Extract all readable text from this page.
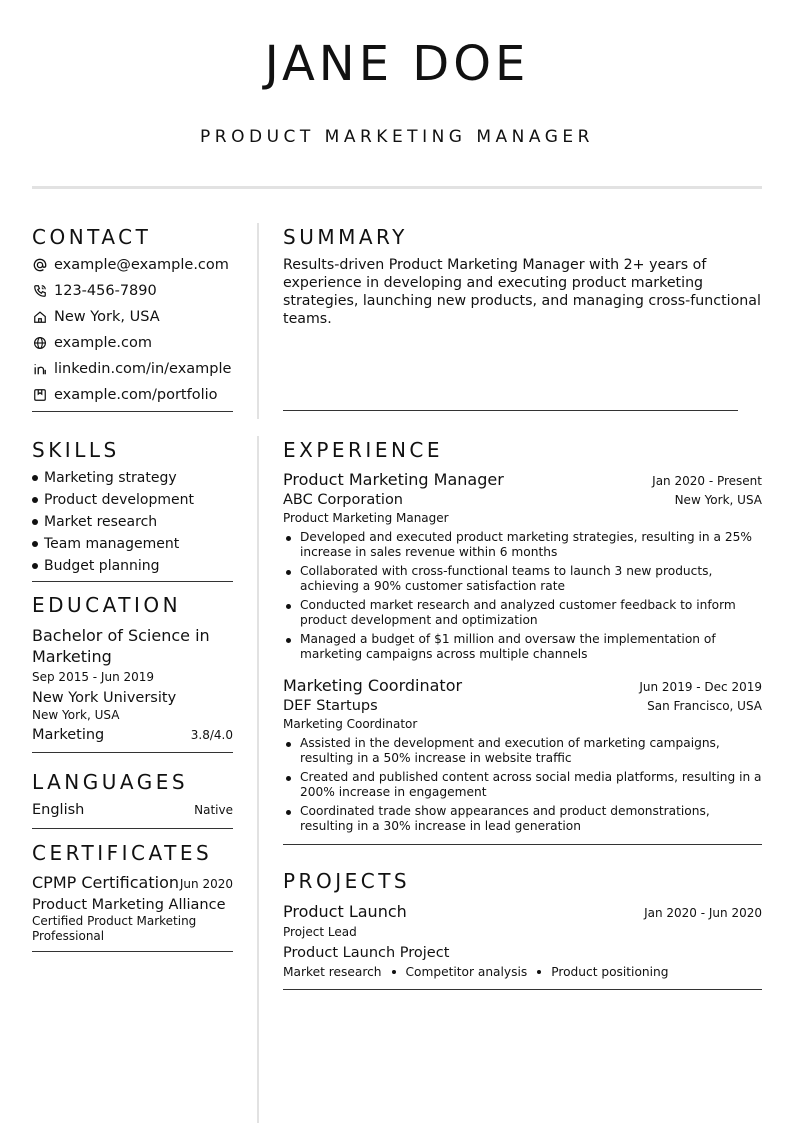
JANE DOE
PRODUCT MARKETING MANAGER
CONTACT
example@example.com
123-456-7890
New York, USA
example.com
linkedin.com/in/example
example.com/portfolio
SKILLS
Marketing strategy
Product development
Market research
Team management
Budget planning
EDUCATION
Bachelor of Science in Marketing
Sep 2015 - Jun 2019
New York University
New York, USA
Marketing	3.8/4.0
LANGUAGES
English	Native
CERTIFICATES
CPMP Certification Jun 2020
Product Marketing Alliance
Certified Product Marketing Professional
SUMMARY

Results-driven Product Marketing Manager with 2+ years of experience in developing and executing product marketing strategies, launching new products, and managing cross-functional teams.

EXPERIENCE
Product Marketing Manager	Jan 2020 - Present
ABC Corporation	New York, USA
Product Marketing Manager
Developed and executed product marketing strategies, resulting in a 25% increase in sales revenue within 6 months
Collaborated with cross-functional teams to launch 3 new products, achieving a 90% customer satisfaction rate
Conducted market research and analyzed customer feedback to inform product development and optimization
Managed a budget of $1 million and oversaw the implementation of marketing campaigns across multiple channels
Marketing Coordinator	Jun 2019 - Dec 2019
DEF Startups	San Francisco, USA
Marketing Coordinator
Assisted in the development and execution of marketing campaigns, resulting in a 50% increase in website traffic
Created and published content across social media platforms, resulting in a 200% increase in engagement
Coordinated trade show appearances and product demonstrations, resulting in a 30% increase in lead generation
PROJECTS
Product Launch	Jan 2020 - Jun 2020
Project Lead
Product Launch Project
Market research Competitor analysis Product positioning
